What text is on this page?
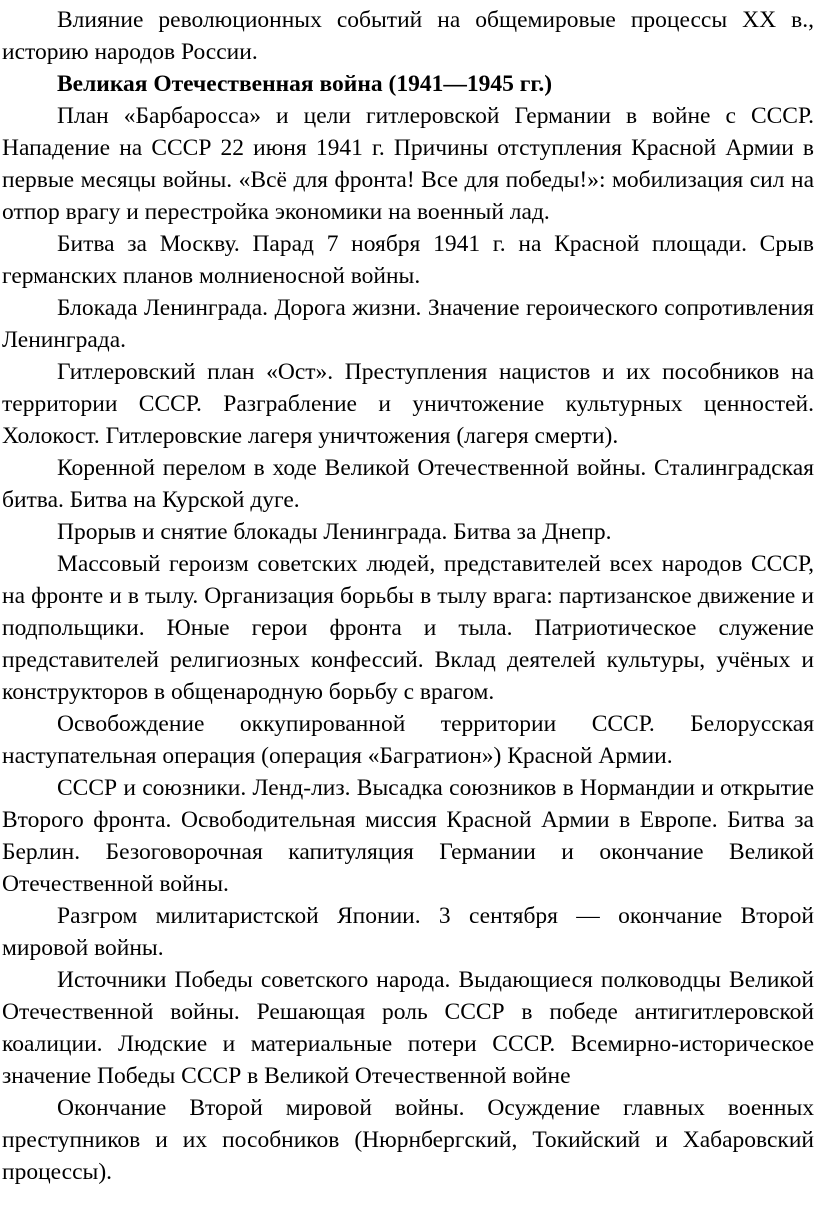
Влияние революционных событий на общемировые процессы XX в., историю народов России.

Великая Отечественная война (1941—1945 гг.)

План «Барбаросса» и цели гитлеровской Германии в войне с СССР. Нападение на СССР 22 июня 1941 г. Причины отступления Красной Армии в первые месяцы войны. «Всё для фронта! Все для победы!»: мобилизация сил на отпор врагу и перестройка экономики на военный лад.

Битва за Москву. Парад 7 ноября 1941 г. на Красной площади. Срыв германских планов молниеносной войны.

Блокада Ленинграда. Дорога жизни. Значение героического сопротивления Ленинграда.

Гитлеровский план «Ост». Преступления нацистов и их пособников на территории СССР. Разграбление и уничтожение культурных ценностей. Холокост. Гитлеровские лагеря уничтожения (лагеря смерти).

Коренной перелом в ходе Великой Отечественной войны. Сталинградская битва. Битва на Курской дуге.

Прорыв и снятие блокады Ленинграда. Битва за Днепр.

Массовый героизм советских людей, представителей всех народов СССР, на фронте и в тылу. Организация борьбы в тылу врага: партизанское движение и подпольщики. Юные герои фронта и тыла. Патриотическое служение представителей религиозных конфессий. Вклад деятелей культуры, учёных и конструкторов в общенародную борьбу с врагом.

Освобождение оккупированной территории СССР. Белорусская наступательная операция (операция «Багратион») Красной Армии.

СССР и союзники. Ленд-лиз. Высадка союзников в Нормандии и открытие Второго фронта. Освободительная миссия Красной Армии в Европе. Битва за Берлин. Безоговорочная капитуляция Германии и окончание Великой Отечественной войны.

Разгром милитаристской Японии. 3 сентября — окончание Второй мировой войны.

Источники Победы советского народа. Выдающиеся полководцы Великой Отечественной войны. Решающая роль СССР в победе антигитлеровской коалиции. Людские и материальные потери СССР. Всемирно-историческое значение Победы СССР в Великой Отечественной войне

Окончание Второй мировой войны. Осуждение главных военных преступников и их пособников (Нюрнбергский, Токийский и Хабаровский процессы).
